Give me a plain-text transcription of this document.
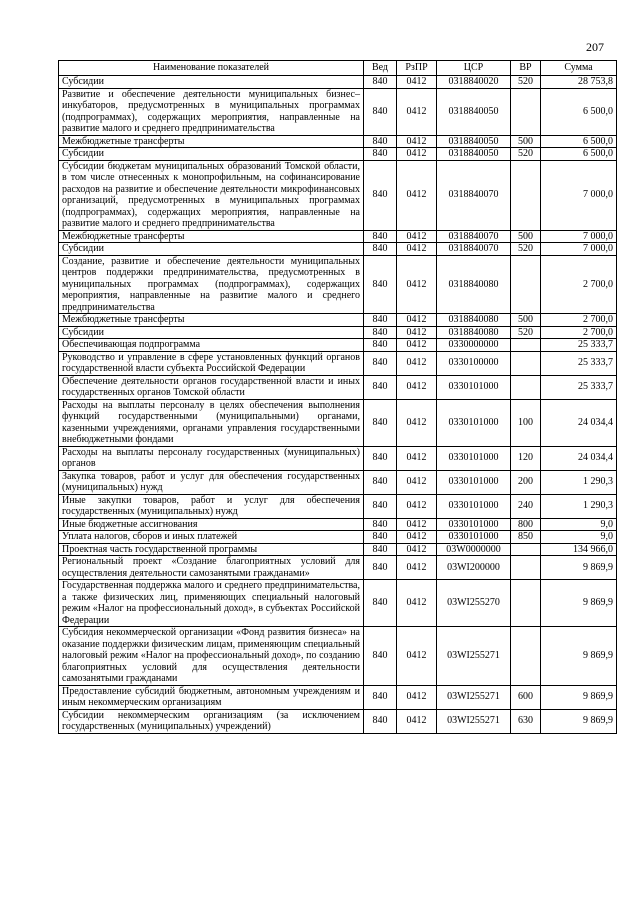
207
Наименование показателей	Вед	РзПР	ЦСР	ВР	Сумма
Субсидии	840	0412	0318840020	520	28 753,8
Развитие и обеспечение деятельности муниципальных бизнес–инкубаторов, предусмотренных в муниципальных программах (подпрограммах), содержащих мероприятия, направленные на развитие малого и среднего предпринимательства	840	0412	0318840050		6 500,0
Межбюджетные трансферты	840	0412	0318840050	500	6 500,0
Субсидии	840	0412	0318840050	520	6 500,0
Субсидии бюджетам муниципальных образований Томской области, в том числе отнесенных к монопрофильным, на софинансирование расходов на развитие и обеспечение деятельности микрофинансовых организаций, предусмотренных в муниципальных программах (подпрограммах), содержащих мероприятия, направленные на развитие малого и среднего предпринимательства	840	0412	0318840070		7 000,0
Межбюджетные трансферты	840	0412	0318840070	500	7 000,0
Субсидии	840	0412	0318840070	520	7 000,0
Создание, развитие и обеспечение деятельности муниципальных центров поддержки предпринимательства, предусмотренных в муниципальных программах (подпрограммах), содержащих мероприятия, направленные на развитие малого и среднего предпринимательства	840	0412	0318840080		2 700,0
Межбюджетные трансферты	840	0412	0318840080	500	2 700,0
Субсидии	840	0412	0318840080	520	2 700,0
Обеспечивающая подпрограмма	840	0412	0330000000		25 333,7
Руководство и управление в сфере установленных функций органов государственной власти субъекта Российской Федерации	840	0412	0330100000		25 333,7
Обеспечение деятельности органов государственной власти и иных государственных органов Томской области	840	0412	0330101000		25 333,7
Расходы на выплаты персоналу в целях обеспечения выполнения функций государственными (муниципальными) органами, казенными учреждениями, органами управления государственными внебюджетными фондами	840	0412	0330101000	100	24 034,4
Расходы на выплаты персоналу государственных (муниципальных) органов	840	0412	0330101000	120	24 034,4
Закупка товаров, работ и услуг для обеспечения государственных (муниципальных) нужд	840	0412	0330101000	200	1 290,3
Иные закупки товаров, работ и услуг для обеспечения государственных (муниципальных) нужд	840	0412	0330101000	240	1 290,3
Иные бюджетные ассигнования	840	0412	0330101000	800	9,0
Уплата налогов, сборов и иных платежей	840	0412	0330101000	850	9,0
Проектная часть государственной программы	840	0412	03W0000000		134 966,0
Региональный проект «Создание благоприятных условий для осуществления деятельности самозанятыми гражданами»	840	0412	03WI200000		9 869,9
Государственная поддержка малого и среднего предпринимательства, а также физических лиц, применяющих специальный налоговый режим «Налог на профессиональный доход», в субъектах Российской Федерации	840	0412	03WI255270		9 869,9
Субсидия некоммерческой организации «Фонд развития бизнеса» на оказание поддержки физическим лицам, применяющим специальный налоговый режим «Налог на профессиональный доход», по созданию благоприятных условий для осуществления деятельности самозанятыми гражданами	840	0412	03WI255271		9 869,9
Предоставление субсидий бюджетным, автономным учреждениям и иным некоммерческим организациям	840	0412	03WI255271	600	9 869,9
Субсидии некоммерческим организациям (за исключением государственных (муниципальных) учреждений)	840	0412	03WI255271	630	9 869,9
